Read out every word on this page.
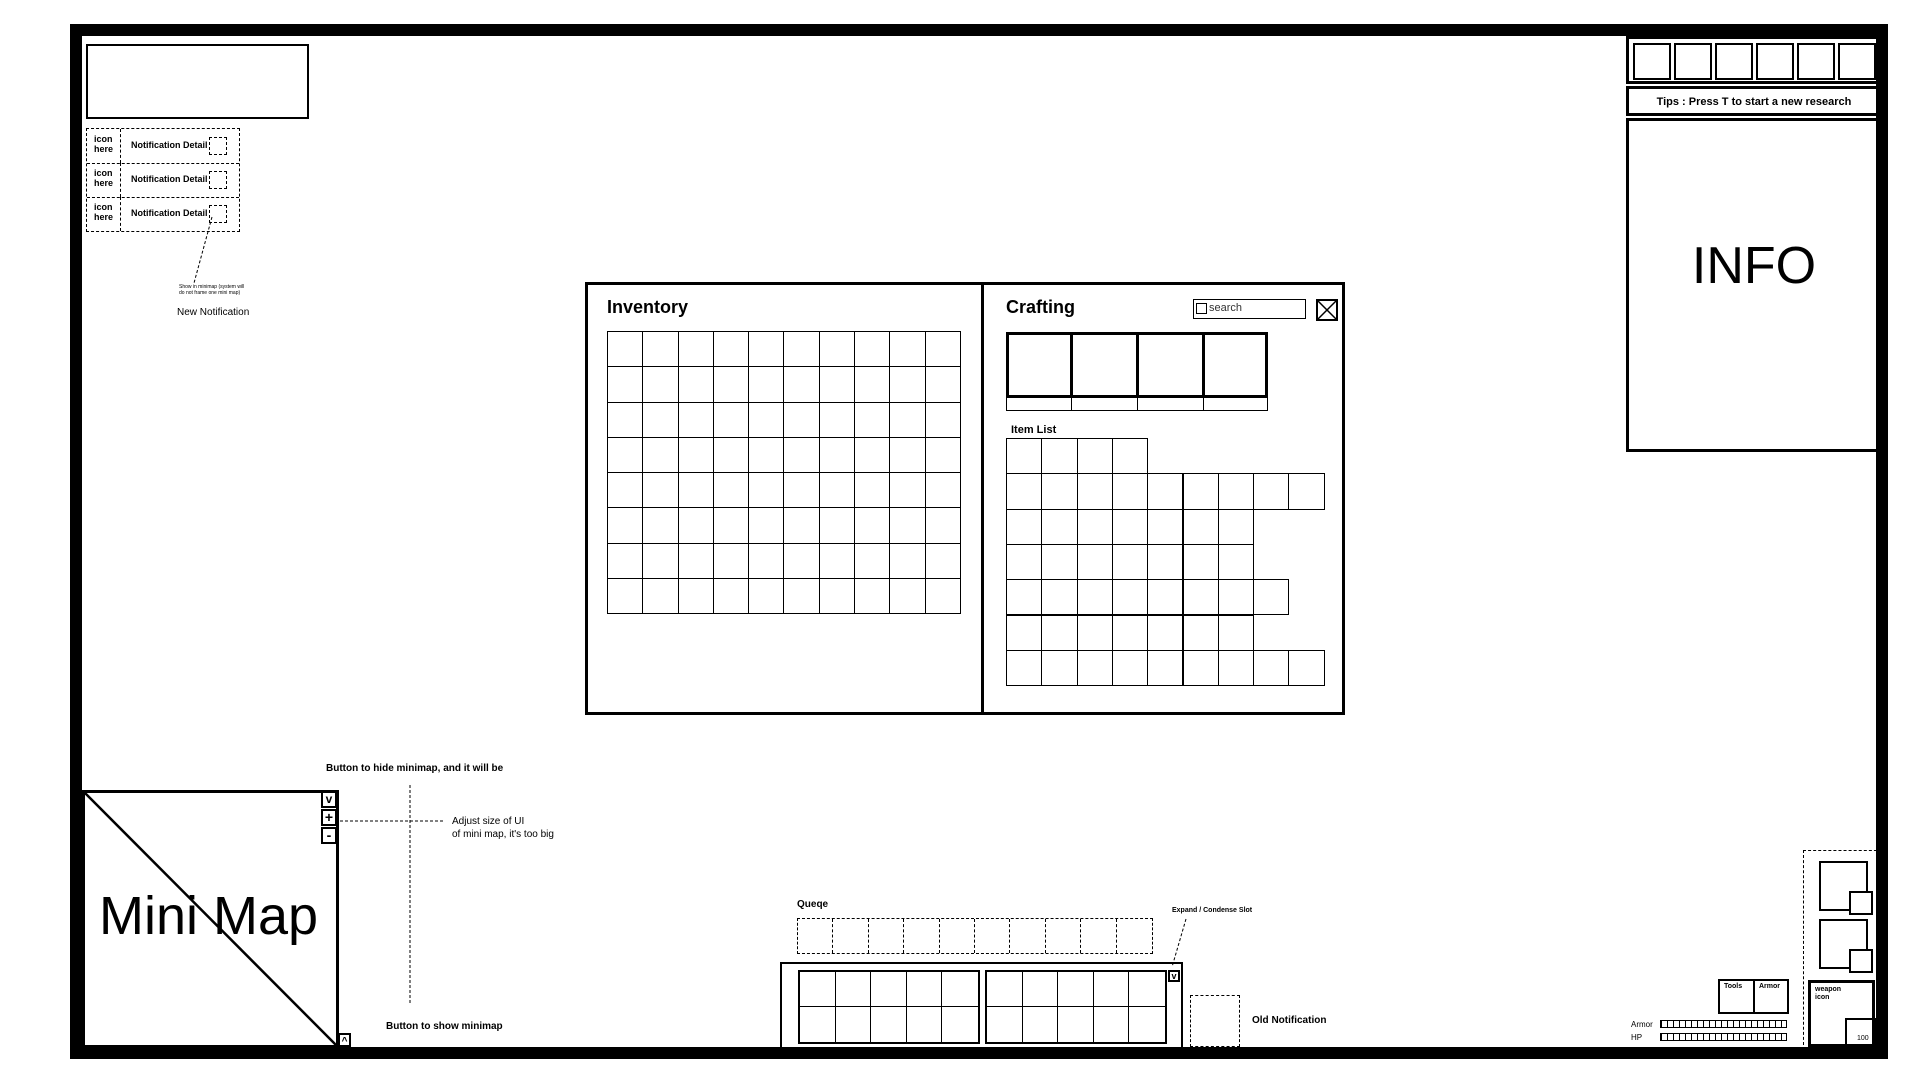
icon here	Notification Detail
icon here	Notification Detail
icon here	Notification Detail
Show in minimap (system will do not frame one mini map)
New Notification	Inventory	Crafting	search
Item List
Tips : Press T to start a new research
INFO
Button to hide minimap, and it will be
Adjust size of UI
of mini map, it's too big
Button to show minimap
Mini Map
v
+
-
^
Queqe
v
Expand / Condense Slot
Old Notification
Tools Armor
Armor
HP
weapon icon
100
